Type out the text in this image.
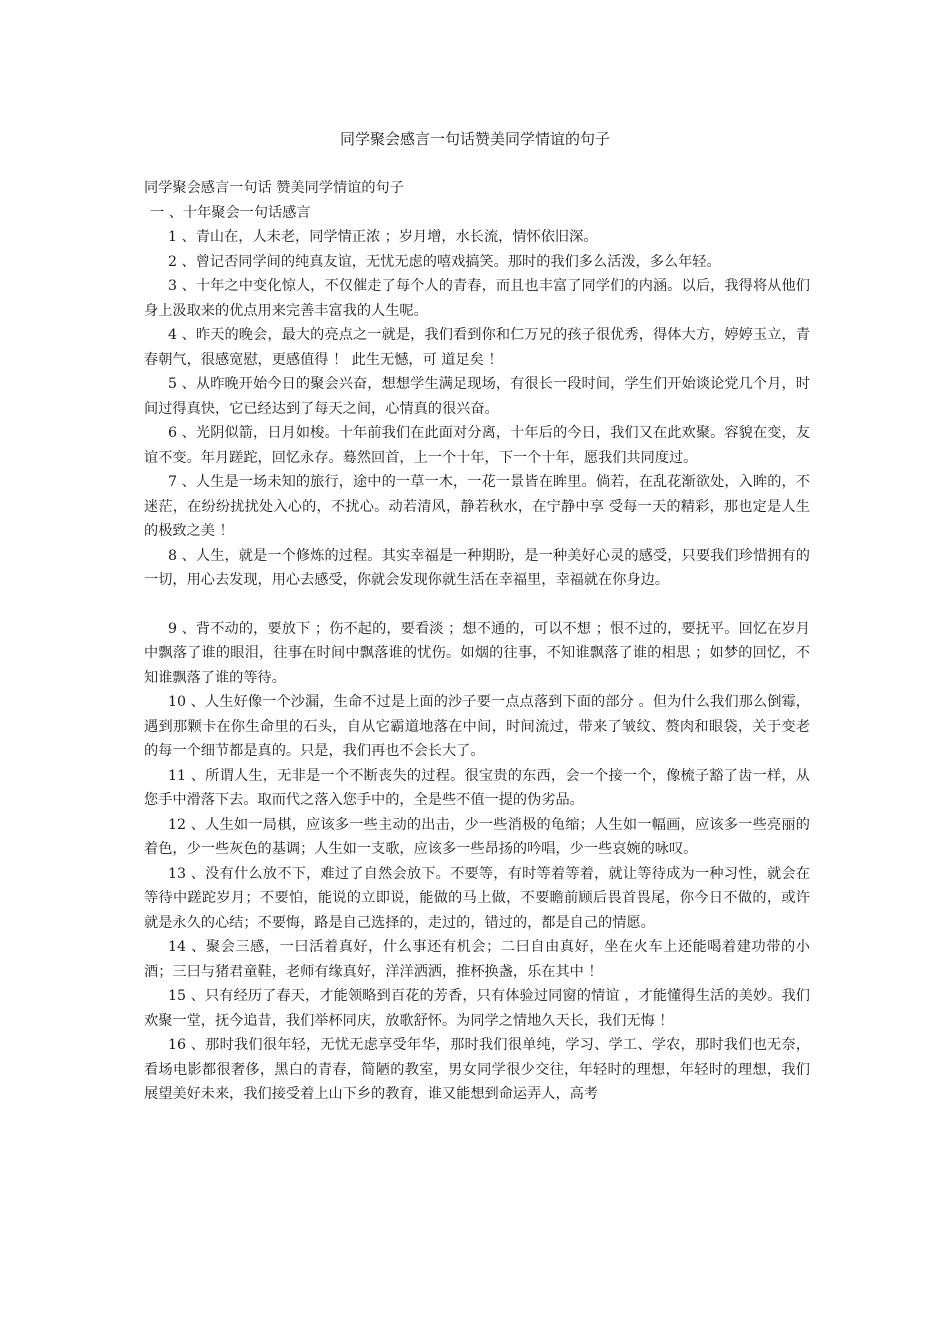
同学聚会感言一句话赞美同学情谊的句子

同学聚会感言一句话 赞美同学情谊的句子

一 、十年聚会一句话感言

1 、青山在，人未老，同学情正浓 ；岁月增，水长流，情怀依旧深。

2 、曾记否同学间的纯真友谊，无忧无虑的嘻戏搞笑。那时的我们多么活泼，多么年轻。

3 、十年之中变化惊人，不仅催走了每个人的青春，而且也丰富了同学们的内涵。以后，我得将从他们身上汲取来的优点用来完善丰富我的人生呢。

4 、昨天的晚会，最大的亮点之一就是，我们看到你和仁万兄的孩子很优秀，得体大方，婷婷玉立，青春朝气，很感宽慰，更感值得 ！ 此生无憾，可 道足矣 ！

5 、从昨晚开始今日的聚会兴奋，想想学生满足现场，有很长一段时间，学生们开始谈论党几个月，时间过得真快，它已经达到了每天之间，心情真的很兴奋。

6 、光阴似箭，日月如梭。十年前我们在此面对分离，十年后的今日，我们又在此欢聚。容貌在变，友谊不变。年月蹉跎，回忆永存。蓦然回首，上一个十年，下一个十年，愿我们共同度过。

7 、人生是一场未知的旅行，途中的一草一木，一花一景皆在眸里。倘若，在乱花渐欲处，入眸的，不迷茫，在纷纷扰扰处入心的，不扰心。动若清风，静若秋水，在宁静中享 受每一天的精彩，那也定是人生的极致之美 ！

8 、人生，就是一个修炼的过程。其实幸福是一种期盼，是一种美好心灵的感受，只要我们珍惜拥有的一切，用心去发现，用心去感受，你就会发现你就生活在幸福里，幸福就在你身边。

9 、背不动的，要放下 ；伤不起的，要看淡 ；想不通的，可以不想 ；恨不过的，要抚平。回忆在岁月中飘落了谁的眼泪，往事在时间中飘落谁的忧伤。如烟的往事，不知谁飘落了谁的相思 ；如梦的回忆，不知谁飘落了谁的等待。

10 、人生好像一个沙漏，生命不过是上面的沙子要一点点落到下面的部分 。但为什么我们那么倒霉，遇到那颗卡在你生命里的石头，自从它霸道地落在中间，时间流过，带来了皱纹、赘肉和眼袋，关于变老的每一个细节都是真的。只是，我们再也不会长大了。

11 、所谓人生，无非是一个不断丧失的过程。很宝贵的东西，会一个接一个，像梳子豁了齿一样，从您手中滑落下去。取而代之落入您手中的，全是些不值一提的伪劣品。

12 、人生如一局棋，应该多一些主动的出击，少一些消极的龟缩；人生如一幅画，应该多一些亮丽的着色，少一些灰色的基调；人生如一支歌，应该多一些昂扬的吟唱，少一些哀婉的咏叹。

13 、没有什么放不下，难过了自然会放下。不要等，有时等着等着，就让等待成为一种习性，就会在等待中蹉跎岁月；不要怕，能说的立即说，能做的马上做，不要瞻前顾后畏首畏尾，你今日不做的，或许就是永久的心结；不要悔，路是自己选择的，走过的，错过的，都是自己的情愿。

14 、聚会三感，一曰活着真好，什么事还有机会；二曰自由真好，坐在火车上还能喝着建功带的小酒；三曰与猪君童鞋，老师有缘真好，洋洋洒洒，推杯换盏，乐在其中 ！

15 、只有经历了春天，才能领略到百花的芳香，只有体验过同窗的情谊 ，才能懂得生活的美妙。我们欢聚一堂，抚今追昔，我们举杯同庆，放歌舒怀。为同学之情地久天长，我们无悔 ！

16 、那时我们很年轻，无忧无虑享受年华，那时我们很单纯，学习、学工、学农，那时我们也无奈，看场电影都很奢侈，黑白的青春，简陋的教室，男女同学很少交往，年轻时的理想，年轻时的理想，我们展望美好未来，我们接受着上山下乡的教育，谁又能想到命运弄人，高考
